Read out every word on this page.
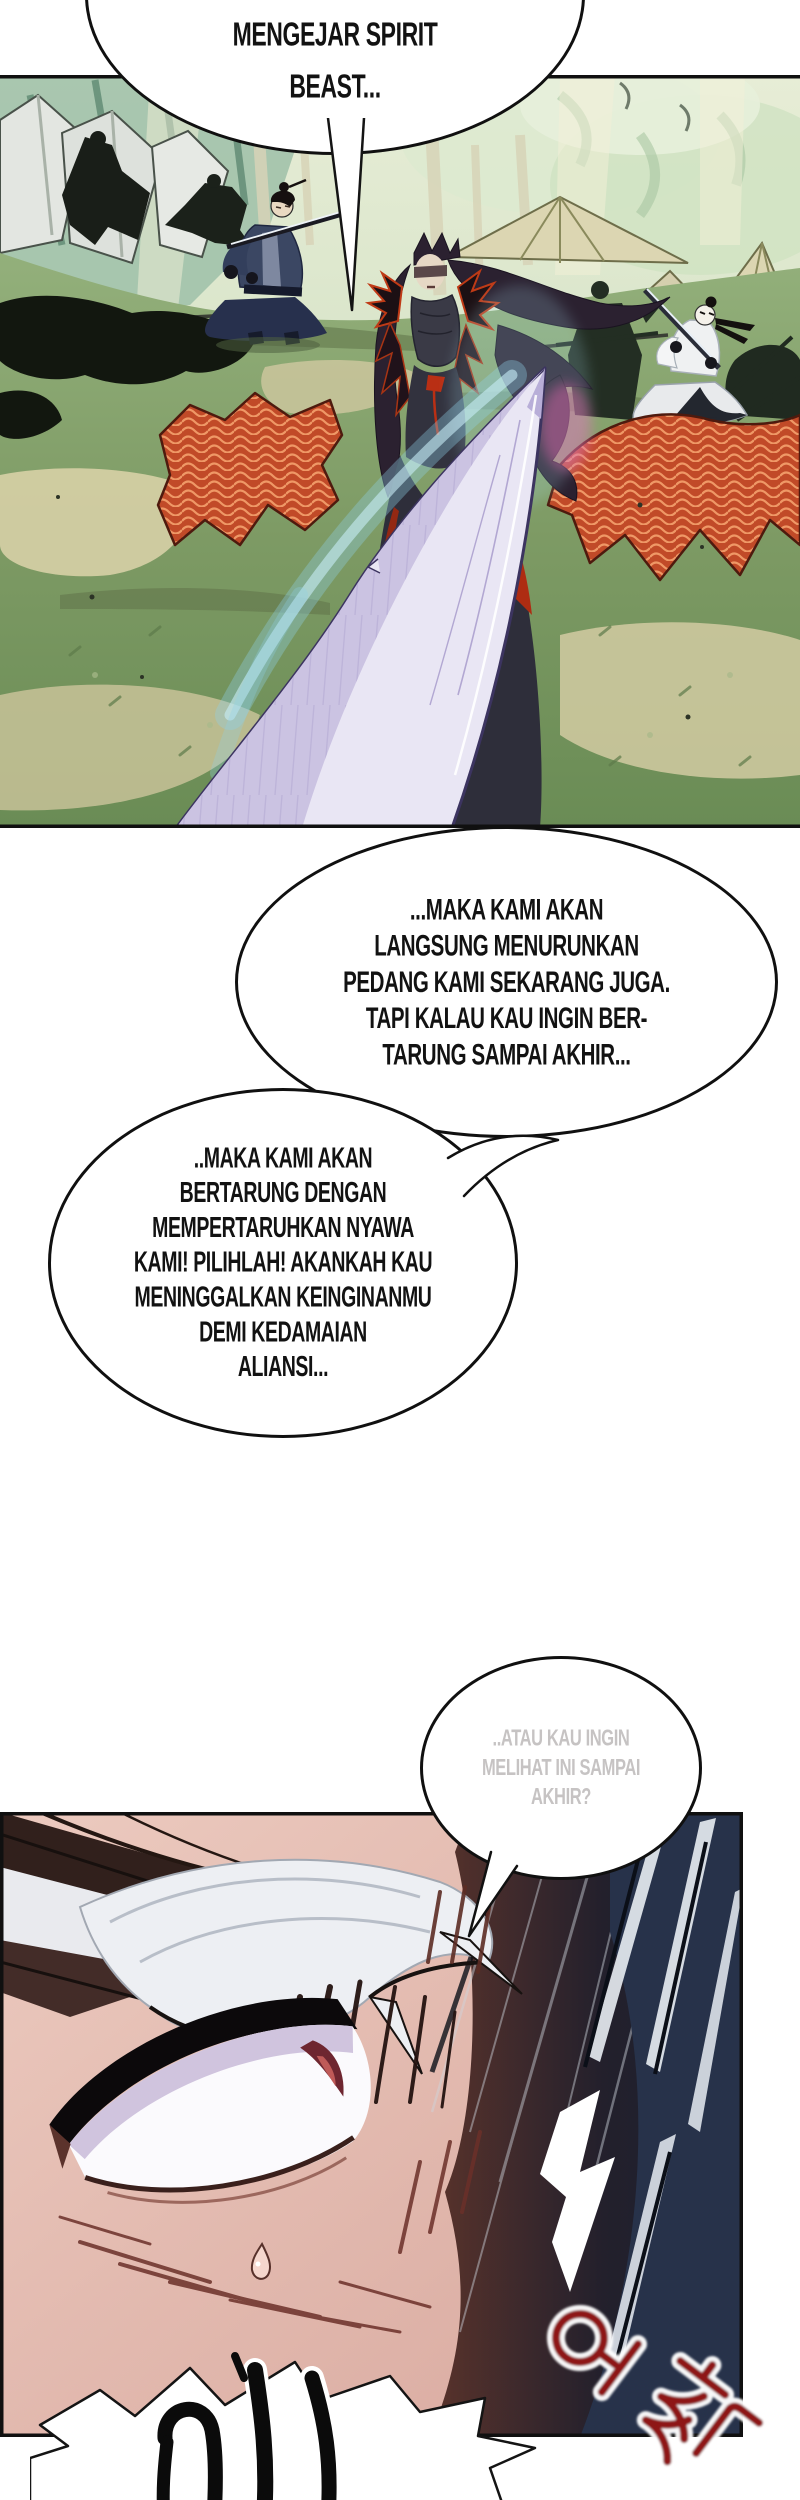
MENGEJAR SPIRIT
BEAST...
...MAKA KAMI AKAN
LANGSUNG MENURUNKAN
PEDANG KAMI SEKARANG JUGA.
TAPI KALAU KAU INGIN BER-
TARUNG SAMPAI AKHIR...
..MAKA KAMI AKAN
BERTARUNG DENGAN
MEMPERTARUHKAN NYAWA
KAMI! PILIHLAH! AKANKAH KAU
MENINGGALKAN KEINGINANMU
DEMI KEDAMAIAN
ALIANSI...
..ATAU KAU INGIN
MELIHAT INI SAMPAI
AKHIR?
